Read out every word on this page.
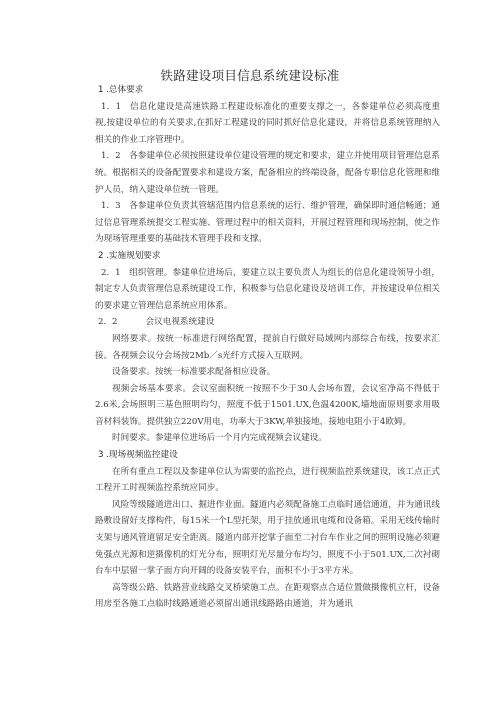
铁路建设项目信息系统建设标准

1 .总体要求

1．1　信息化建设是高速铁路工程建设标准化的重要支撑之一，各参建单位必须高度重视,按建设单位的有关要求,在抓好工程建设的同时抓好信息化建设，并将信息系统管理纳入相关的作业工序管理中。

1．2　各参建单位必须按照建设单位建设管理的规定和要求，建立并使用项目管理信息系统。根据相关的设备配置要求和建设方案，配备相应的终端设备，配备专职信息化管理和维护人员，纳入建设单位统一管理。

1．3　各参建单位负责其管辖范围内信息系统的运行、维护管理，确保即时通信畅通；通过信息管理系统提交工程实施、管理过程中的相关资料，开展过程管理和现场控制，使之作为现场管理重要的基础技术管理手段和支撑。

2 .实施规划要求

2．1　组织管理。参建单位进场后，要建立以主要负责人为组长的信息化建设领导小组，制定专人负责管理信息系统建设工作，积极参与信息化建设及培训工作，并按建设单位相关的要求建立管理信息系统应用体系。

2．2	会议电视系统建设

网络要求。按统一标准进行网络配置，提前自行做好局域网内部综合布线，按要求汇接。各视频会议分会场按2Mb／s光纤方式接入互联网。

设备要求。按统一标准要求配备相应设备。

视频会场基本要求。会议室面积统一按照不少于30人会场布置，会议室净高不得低于2.6米,会场照明三基色照明均匀，照度不低于1501.UX,色温4200K,墙地面原则要求用吸音材料装饰。提供独立220V用电，功率大于3KW,单独接地，接地电阻小于4欧姆。

时间要求。参建单位进场后一个月内完成视频会议建设。

3 .现场视频监控建设

在所有重点工程以及参建单位认为需要的监控点，进行视频监控系统建设，该工点正式工程开工时视频监控系统应同步。

风险等级隧道进出口、掘进作业面。隧道内必须配备施工点临时通信通道，并为通讯线路敷设留好支撑构件，每15米一个L型托架，用于挂放通讯电缆和设备箱。采用无线传输时支架与通风管道留足安全距离。隧道内部开挖掌子面至二衬台车作业之间的照明设施必须避免强点光源和逆摄像机的灯光分布，照明灯光尽量分布均匀，照度不小于501.UX,二次衬砌台车中层留一掌子面方向开阔的设备安装平台，面积不小于3平方米。

高等级公路、铁路营业线路交叉桥梁施工点。在距观察点合适位置做摄像机立杆，设备用房至各施工点临时线路通道必须留出通讯线路路由通道，并为通讯
